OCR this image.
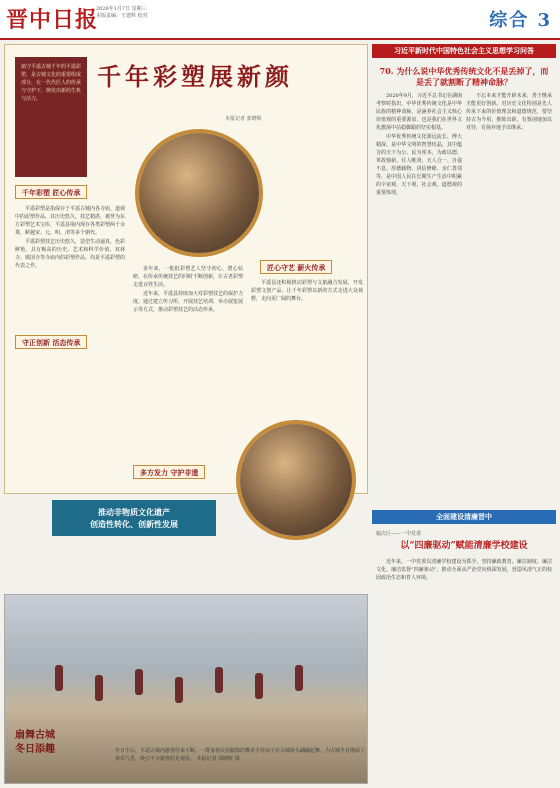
晋中日报
2026年1月7日 星期三
本版责编：王建辉 校对	综合 3
镇守平遥古城千年的平遥彩塑，是古城文化的重要组成部分，在一代代匠人的传承与守护下，焕发出新的生机与活力。
千年彩塑展新颜
本报记者 郭晓辉
千年彩塑 匠心传承

平遥彩塑是指保存于平遥古城内各寺庙、道观中的泥塑作品，其历史悠久，技艺精湛，被誉为东方彩塑艺术宝库。平遥县境内现存各类彩塑两千余尊，跨越宋、元、明、清等多个朝代。

平遥彩塑技艺历史悠久，造型生动逼真，色彩鲜艳，具有极高的历史、艺术和科学价值。双林寺、镇国寺等寺庙内的彩塑作品，均是平遥彩塑的代表之作。	多年来，一批批彩塑艺人坚守初心，潜心钻研，在传承传统技艺的同时不断创新，让古老彩塑走进百姓生活。

近年来，平遥县持续加大对彩塑技艺的保护力度，通过建立传习所、开展技艺培训、举办展览展示等方式，推动彩塑技艺的活态传承。

匠心守艺 薪火传承

平遥县还积极推动彩塑与文旅融合发展，开发彩塑文创产品，让千年彩塑以新的方式走进大众视野，走向更广阔的舞台。

守正创新 活态传承
多方发力 守护非遗
推动非物质文化遗产
创造性转化、创新性发展
扇舞古城
冬日添趣	冬日午后，平遥古城内游客往来不断，一群身着民俗服饰的舞者手持扇子在古城街头翩翩起舞，为古城冬日增添了欢乐气息，吸引不少游客驻足观看。 本报记者 郭晓辉 摄
习近平新时代中国特色社会主义思想学习问答
70. 为什么说中华优秀传统文化不是丢掉了，而是丢了就割断了精神命脉？

2020年9月，习近平总书记在湖南考察时指出，中华优秀传统文化是中华民族的精神命脉，是涵养社会主义核心价值观的重要源泉，也是我们在世界文化激荡中站稳脚跟的坚实根基。

中华优秀传统文化源远流长、博大精深，是中华文明的智慧结晶，其中蕴含的天下为公、民为邦本、为政以德、革故鼎新、任人唯贤、天人合一、自强不息、厚德载物、讲信修睦、亲仁善邻等，是中国人民在长期生产生活中积累的宇宙观、天下观、社会观、道德观的重要体现。

不忘本来才能开辟未来，善于继承才能更好创新。对历史文化特别是先人传承下来的价值理念和道德规范，要坚持古为今用、推陈出新，有鉴别地加以对待，有扬弃地予以继承。

全面建设清廉晋中
榆次区——一中党委
以“四廉驱动”赋能清廉学校建设

近年来，一中党委以清廉学校建设为抓手，坚持廉政教育、廉洁制度、廉洁文化、廉洁监督“四廉驱动”，推动全面从严治党向纵深发展，营造风清气正的校园政治生态和育人环境。
